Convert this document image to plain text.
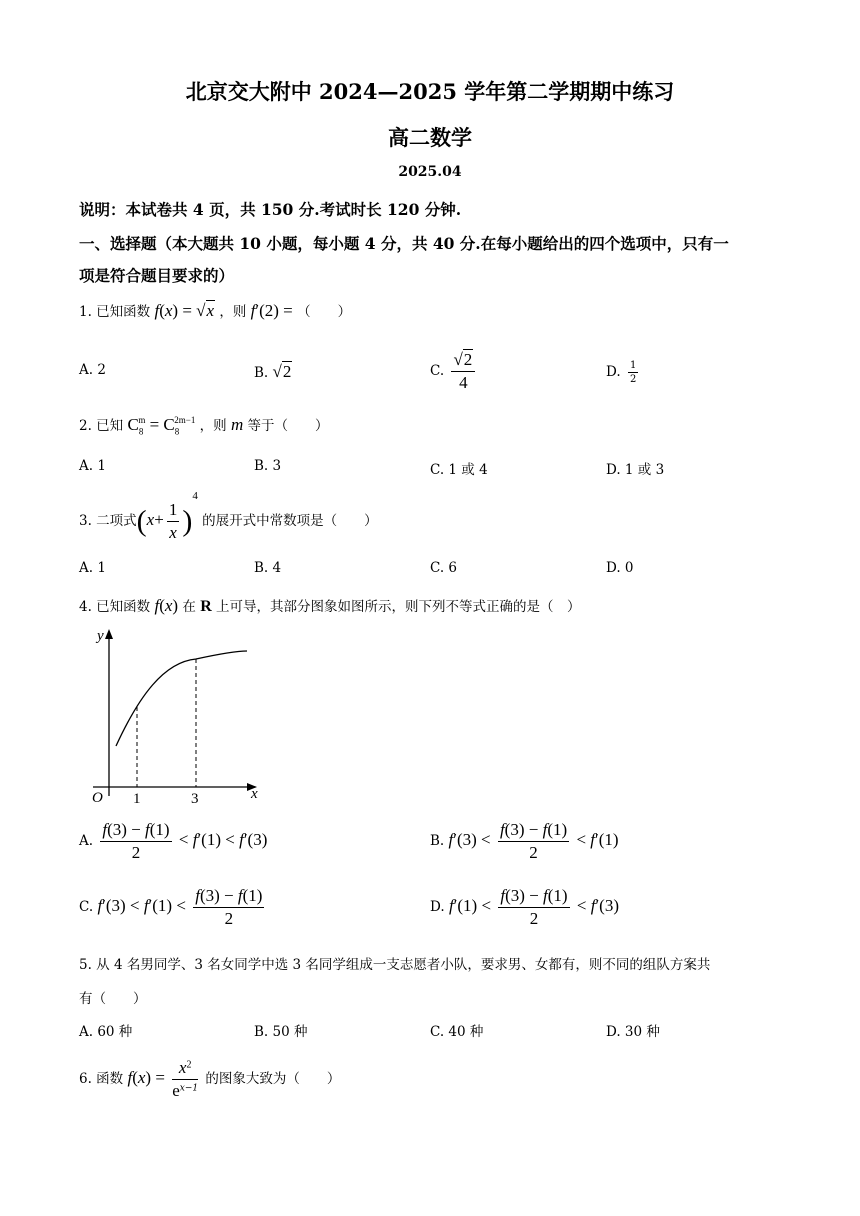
北京交大附中 2024—2025 学年第二学期期中练习
高二数学
2025.04
说明：本试卷共 4 页，共 150 分.考试时长 120 分钟.
一、选择题（本大题共 10 小题，每小题 4 分，共 40 分.在每小题给出的四个选项中，只有一
项是符合题目要求的）
1. 已知函数 f(x) = √x ，则 f′(2) = （　　）
A. 2	B. √2	C. $\frac{√2}{4}$	D. $\frac{1}{2}$
2. 已知 $C_8^m = C_8^{2m-1}$ ，则 m 等于（　　）
A. 1	B. 3	C. 1 或 4	D. 1 或 3
3. 二项式$(x+ \frac{1}{x} )^4$ 的展开式中常数项是（　　）
A. 1	B. 4	C. 6	D. 0
4. 已知函数 f(x) 在 R 上可导，其部分图象如图所示，则下列不等式正确的是（　）
y
x
O 1	3
A. $\frac{f(3) - f(1)}{2} < f'(1) < f'(3)$	B. $f'(3) < \frac{f(3) - f(1)}{2} < f'(1)$
C. $f'(3) < f'(1) < \frac{f(3) - f(1)}{2}$	D. $f'(1) < \frac{f(3) - f(1)}{2} < f'(3)$
5. 从 4 名男同学、3 名女同学中选 3 名同学组成一支志愿者小队，要求男、女都有，则不同的组队方案共
有（　　）
A. 60 种	B. 50 种	C. 40 种	D. 30 种
6. 函数 $f(x) = \frac{x^2}{e^{x-1}}$ 的图象大致为（　　）
